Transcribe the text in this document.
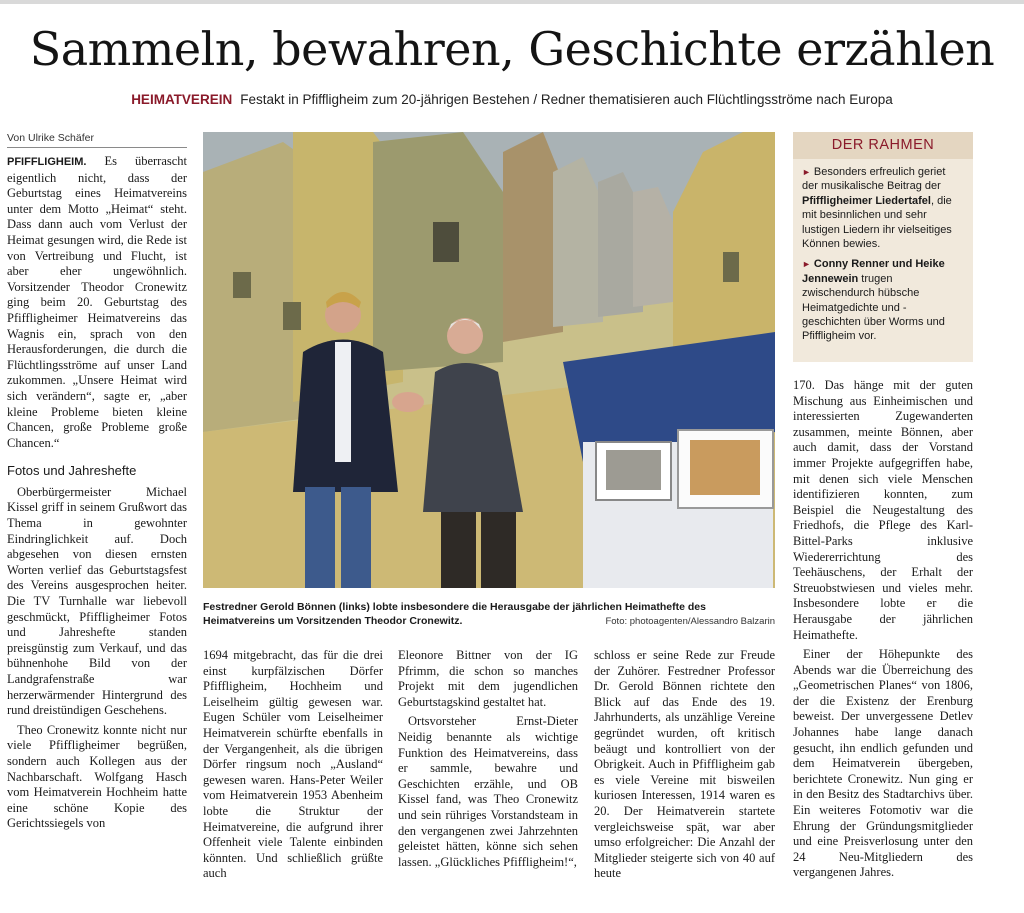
Sammeln, bewahren, Geschichte erzählen
HEIMATVEREIN Festakt in Pfiffligheim zum 20-jährigen Bestehen / Redner thematisieren auch Flüchtlingsströme nach Europa
Von Ulrike Schäfer

PFIFFLIGHEIM. Es überrascht eigentlich nicht, dass der Geburtstag eines Heimatvereins unter dem Motto „Heimat“ steht. Dass dann auch vom Verlust der Heimat gesungen wird, die Rede ist von Vertreibung und Flucht, ist aber eher ungewöhnlich. Vorsitzender Theodor Cronewitz ging beim 20. Geburtstag des Pfiffligheimer Heimatvereins das Wagnis ein, sprach von den Herausforderungen, die durch die Flüchtlingsströme auf unser Land zukommen. „Unsere Heimat wird sich verändern“, sagte er, „aber kleine Probleme bieten kleine Chancen, große Probleme große Chancen.“

Fotos und Jahreshefte

Oberbürgermeister Michael Kissel griff in seinem Grußwort das Thema in gewohnter Eindringlichkeit auf. Doch abgesehen von diesen ernsten Worten verlief das Geburtstagsfest des Vereins ausgesprochen heiter. Die TV Turnhalle war liebevoll geschmückt, Pfiffligheimer Fotos und Jahreshefte standen preisgünstig zum Verkauf, und das bühnenhohe Bild von der Landgrafenstraße war herzerwärmender Hintergrund des rund dreistündigen Geschehens.

Theo Cronewitz konnte nicht nur viele Pfiffligheimer begrüßen, sondern auch Kollegen aus der Nachbarschaft. Wolfgang Hasch vom Heimatverein Hochheim hatte eine schöne Kopie des Gerichtssiegels von

Festredner Gerold Bönnen (links) lobte insbesondere die Herausgabe der jährlichen Heimathefte des Heimatvereins um Vorsitzenden Theodor Cronewitz.	Foto: photoagenten/Alessandro Balzarin

1694 mitgebracht, das für die drei einst kurpfälzischen Dörfer Pfiffligheim, Hochheim und Leiselheim gültig gewesen war. Eugen Schüler vom Leiselheimer Heimatverein schürfte ebenfalls in der Vergangenheit, als die übrigen Dörfer ringsum noch „Ausland“ gewesen waren. Hans-Peter Weiler vom Heimatverein 1953 Abenheim lobte die Struktur der Heimatvereine, die aufgrund ihrer Offenheit viele Talente einbinden könnten. Und schließlich grüßte auch

Eleonore Bittner von der IG Pfrimm, die schon so manches Projekt mit dem jugendlichen Geburtstagskind gestaltet hat.

Ortsvorsteher Ernst-Dieter Neidig benannte als wichtige Funktion des Heimatvereins, dass er sammle, bewahre und Geschichten erzähle, und OB Kissel fand, was Theo Cronewitz und sein rühriges Vorstandsteam in den vergangenen zwei Jahrzehnten geleistet hätten, könne sich sehen lassen. „Glückliches Pfiffligheim!“,

schloss er seine Rede zur Freude der Zuhörer. Festredner Professor Dr. Gerold Bönnen richtete den Blick auf das Ende des 19. Jahrhunderts, als unzählige Vereine gegründet wurden, oft kritisch beäugt und kontrolliert von der Obrigkeit. Auch in Pfiffligheim gab es viele Vereine mit bisweilen kuriosen Interessen, 1914 waren es 20. Der Heimatverein startete vergleichsweise spät, war aber umso erfolgreicher: Die Anzahl der Mitglieder steigerte sich von 40 auf heute

DER RAHMEN
► Besonders erfreulich geriet der musikalische Beitrag der Pfiffligheimer Liedertafel, die mit besinnlichen und sehr lustigen Liedern ihr vielseitiges Können bewies.
► Conny Renner und Heike Jennewein trugen zwischendurch hübsche Heimatgedichte und -geschichten über Worms und Pfiffligheim vor.

170. Das hänge mit der guten Mischung aus Einheimischen und interessierten Zugewanderten zusammen, meinte Bönnen, aber auch damit, dass der Vorstand immer Projekte aufgegriffen habe, mit denen sich viele Menschen identifizieren konnten, zum Beispiel die Neugestaltung des Friedhofs, die Pflege des Karl-Bittel-Parks inklusive Wiedererrichtung des Teehäuschens, der Erhalt der Streuobstwiesen und vieles mehr. Insbesondere lobte er die Herausgabe der jährlichen Heimathefte.

Einer der Höhepunkte des Abends war die Überreichung des „Geometrischen Planes“ von 1806, der die Existenz der Erenburg beweist. Der unvergessene Detlev Johannes habe lange danach gesucht, ihn endlich gefunden und dem Heimatverein übergeben, berichtete Cronewitz. Nun ging er in den Besitz des Stadtarchivs über. Ein weiteres Fotomotiv war die Ehrung der Gründungsmitglieder und eine Preisverlosung unter den 24 Neu-Mitgliedern des vergangenen Jahres.
